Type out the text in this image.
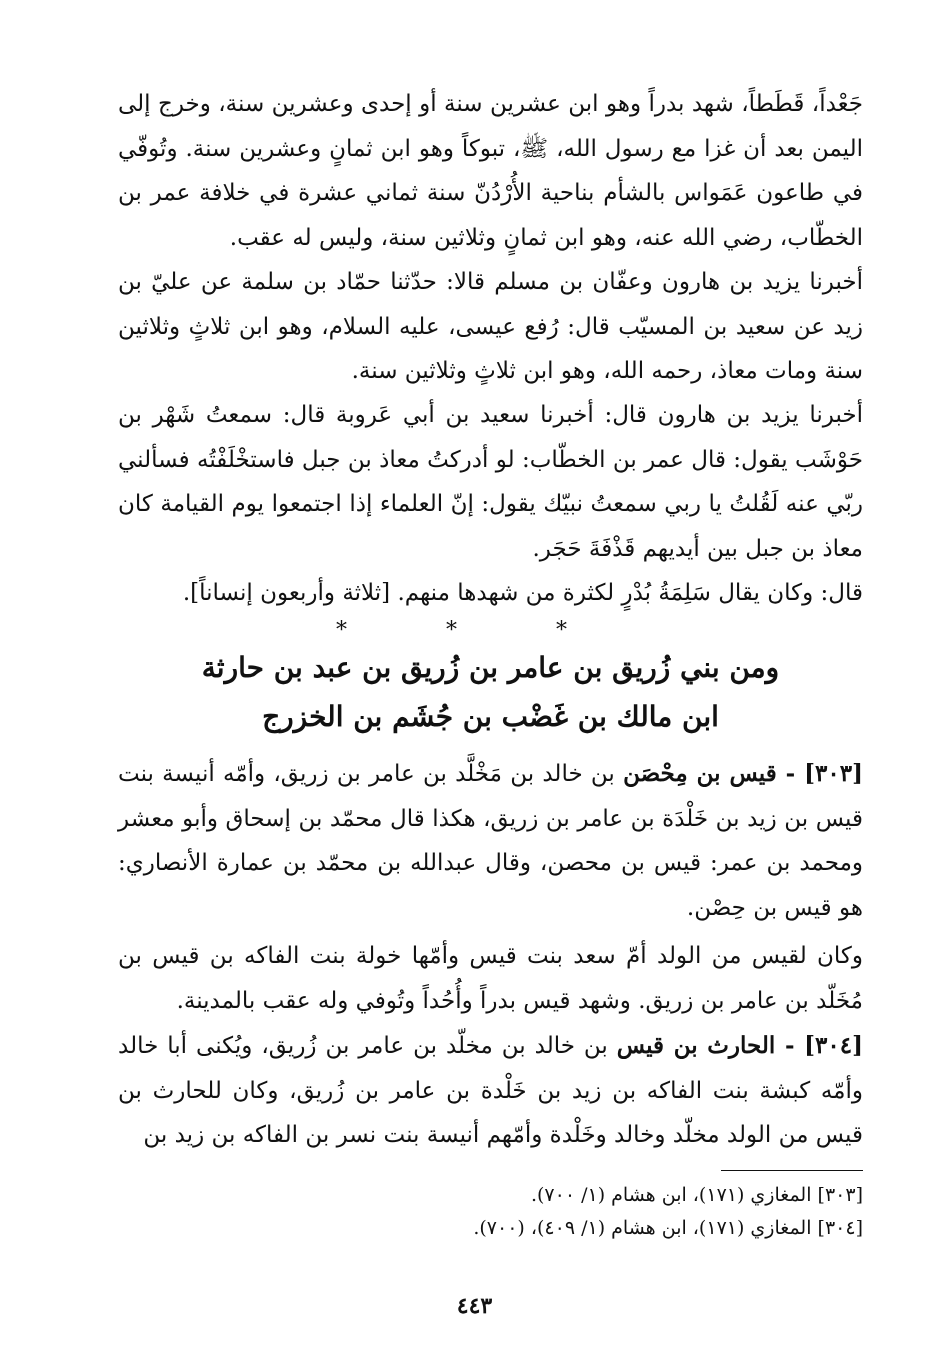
جَعْداً، قَطَطاً، شهد بدراً وهو ابن عشرين سنة أو إحدى وعشرين سنة، وخرج إلى اليمن بعد أن غزا مع رسول الله، ﷺ، تبوكاً وهو ابن ثمانٍ وعشرين سنة. وتُوفّي في طاعون عَمَواس بالشأم بناحية الأُرْدُنّ سنة ثماني عشرة في خلافة عمر بن الخطّاب، رضي الله عنه، وهو ابن ثمانٍ وثلاثين سنة، وليس له عقب.

أخبرنا يزيد بن هارون وعفّان بن مسلم قالا: حدّثنا حمّاد بن سلمة عن عليّ بن زيد عن سعيد بن المسيّب قال: رُفع عيسى، عليه السلام، وهو ابن ثلاثٍ وثلاثين سنة ومات معاذ، رحمه الله، وهو ابن ثلاثٍ وثلاثين سنة.

أخبرنا يزيد بن هارون قال: أخبرنا سعيد بن أبي عَروبة قال: سمعتُ شَهْر بن حَوْشَب يقول: قال عمر بن الخطّاب: لو أدركتُ معاذ بن جبل فاستخْلَفْتُه فسألني ربّي عنه لَقُلتُ يا ربي سمعتُ نبيّك يقول: إنّ العلماء إذا اجتمعوا يوم القيامة كان معاذ بن جبل بين أيديهم قَذْفَةَ حَجَر.

قال: وكان يقال سَلِمَةُ بُدْرٍ لكثرة من شهدها منهم. [ثلاثة وأربعون إنساناً].

* * *
ومن بني زُريق بن عامر بن زُريق بن عبد بن حارثة
ابن مالك بن غَضْب بن جُشَم بن الخزرج

[٣٠٣] - قيس بن مِحْصَن بن خالد بن مَخْلَّد بن عامر بن زريق، وأمّه أنيسة بنت قيس بن زيد بن خَلْدَة بن عامر بن زريق، هكذا قال محمّد بن إسحاق وأبو معشر ومحمد بن عمر: قيس بن محصن، وقال عبدالله بن محمّد بن عمارة الأنصاري: هو قيس بن حِصْن.

وكان لقيس من الولد أمّ سعد بنت قيس وأمّها خولة بنت الفاكه بن قيس بن مُخَلّد بن عامر بن زريق. وشهد قيس بدراً وأُحُداً وتُوفي وله عقب بالمدينة.

[٣٠٤] - الحارث بن قيس بن خالد بن مخلّد بن عامر بن زُريق، ويُكنى أبا خالد وأمّه كبشة بنت الفاكه بن زيد بن خَلْدة بن عامر بن زُريق، وكان للحارث بن قيس من الولد مخلّد وخالد وخَلْدة وأمّهم أنيسة بنت نسر بن الفاكه بن زيد بن

[٣٠٣] المغازي (١٧١)، ابن هشام (١/ ٧٠٠).
[٣٠٤] المغازي (١٧١)، ابن هشام (١/ ٤٠٩)، (٧٠٠).
٤٤٣
